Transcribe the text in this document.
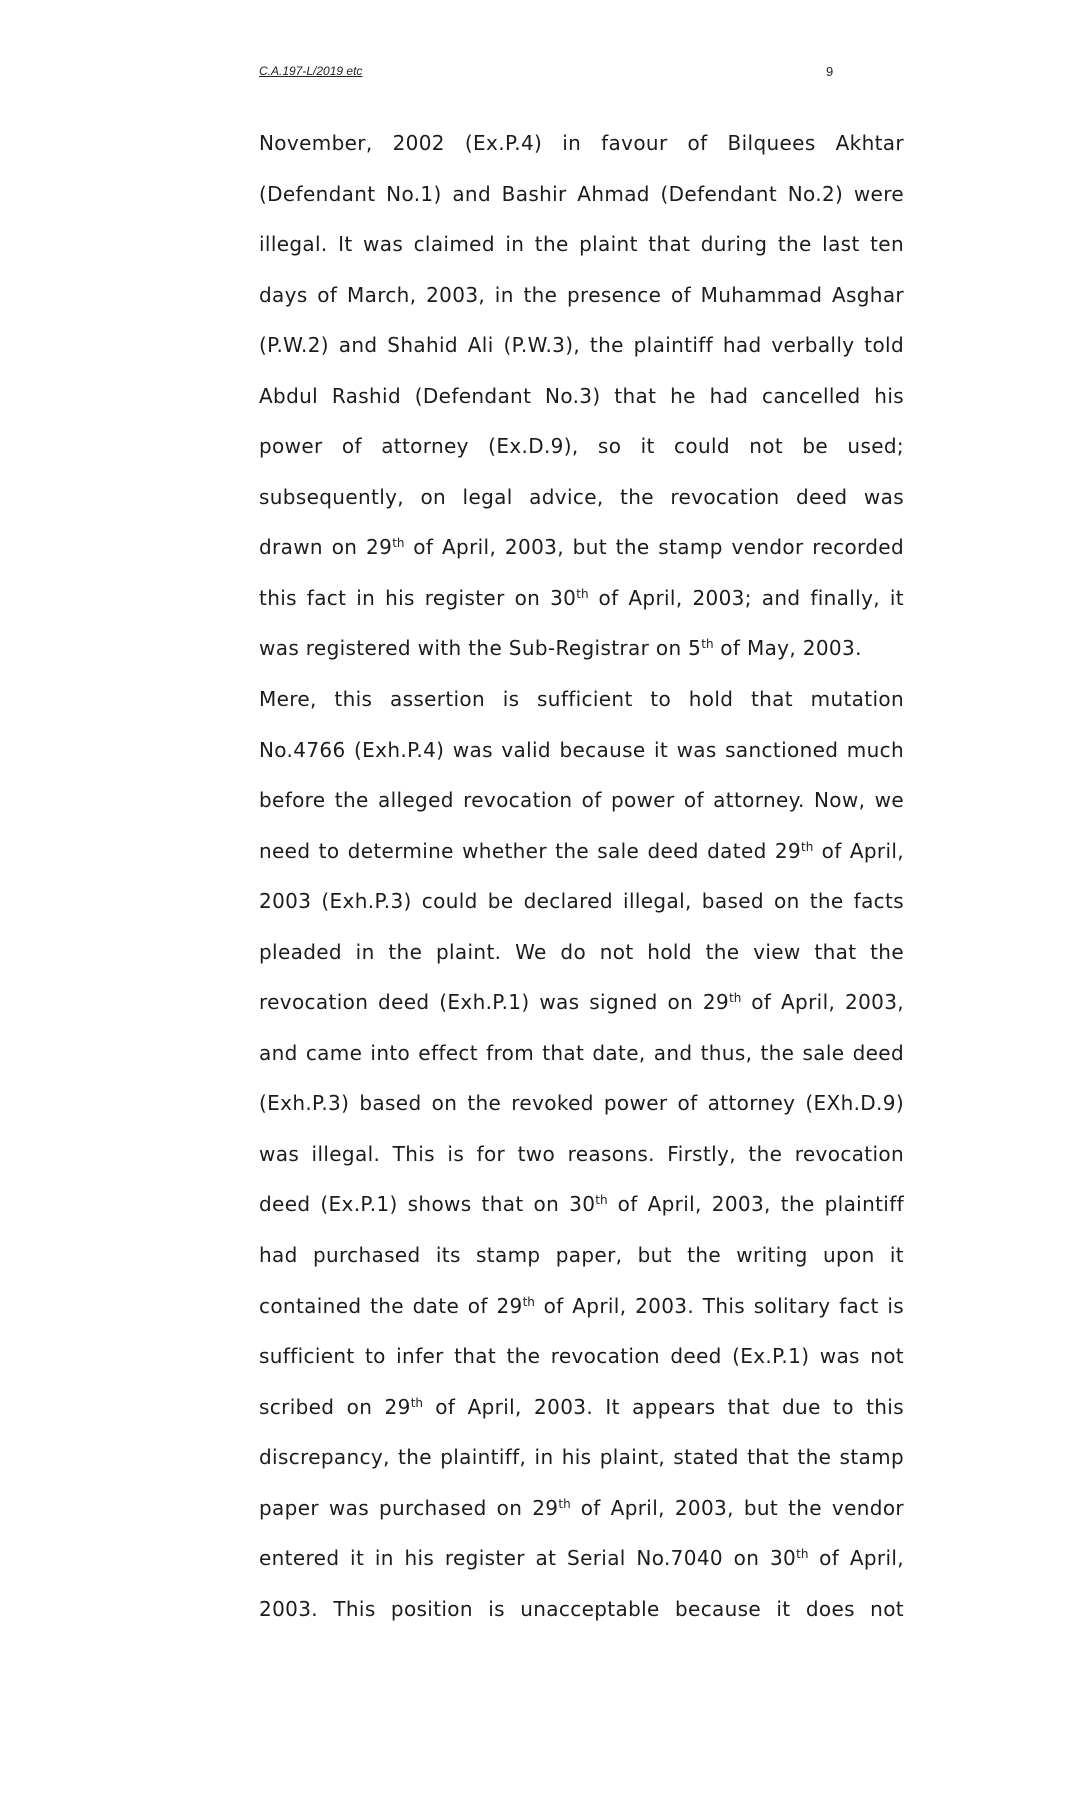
C.A.197-L/2019 etc	9
November, 2002 (Ex.P.4) in favour of Bilquees Akhtar
(Defendant No.1) and Bashir Ahmad (Defendant No.2) were
illegal. It was claimed in the plaint that during the last ten
days of March, 2003, in the presence of Muhammad Asghar
(P.W.2) and Shahid Ali (P.W.3), the plaintiff had verbally told
Abdul Rashid (Defendant No.3) that he had cancelled his
power of attorney (Ex.D.9), so it could not be used;
subsequently, on legal advice, the revocation deed was
drawn on 29th of April, 2003, but the stamp vendor recorded
this fact in his register on 30th of April, 2003; and finally, it
was registered with the Sub-Registrar on 5th of May, 2003.
Mere, this assertion is sufficient to hold that mutation
No.4766 (Exh.P.4) was valid because it was sanctioned much
before the alleged revocation of power of attorney. Now, we
need to determine whether the sale deed dated 29th of April,
2003 (Exh.P.3) could be declared illegal, based on the facts
pleaded in the plaint. We do not hold the view that the
revocation deed (Exh.P.1) was signed on 29th of April, 2003,
and came into effect from that date, and thus, the sale deed
(Exh.P.3) based on the revoked power of attorney (EXh.D.9)
was illegal. This is for two reasons. Firstly, the revocation
deed (Ex.P.1) shows that on 30th of April, 2003, the plaintiff
had purchased its stamp paper, but the writing upon it
contained the date of 29th of April, 2003. This solitary fact is
sufficient to infer that the revocation deed (Ex.P.1) was not
scribed on 29th of April, 2003. It appears that due to this
discrepancy, the plaintiff, in his plaint, stated that the stamp
paper was purchased on 29th of April, 2003, but the vendor
entered it in his register at Serial No.7040 on 30th of April,
2003. This position is unacceptable because it does not
